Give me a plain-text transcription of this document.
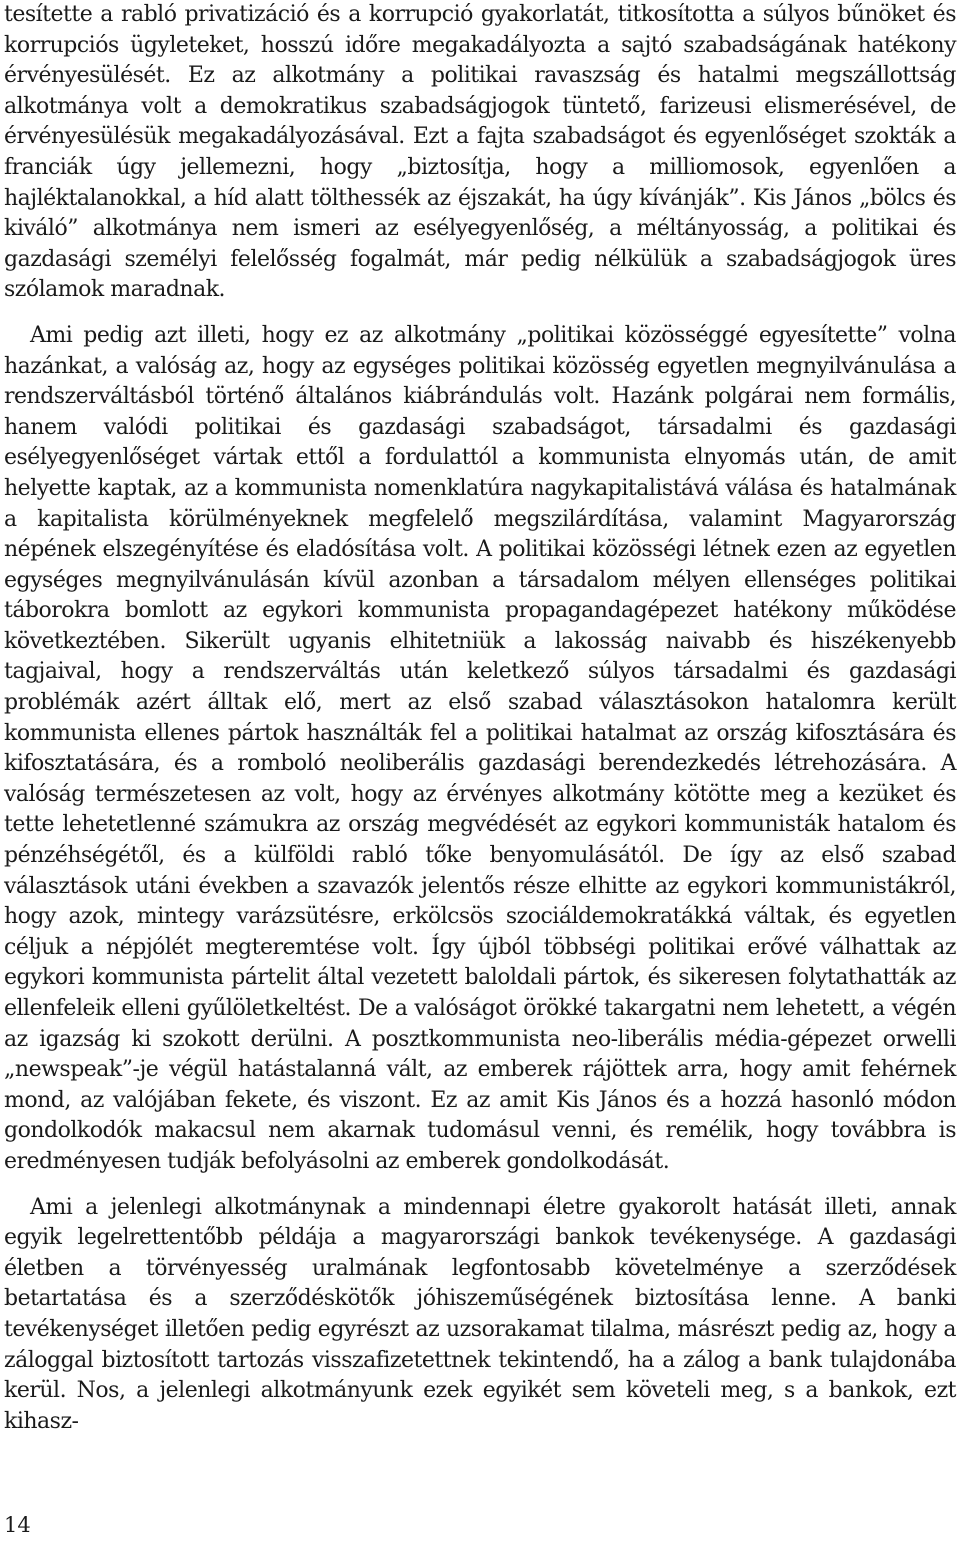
tesítette a rabló privatizáció és a korrupció gyakorlatát, titkosította a súlyos bűnöket és korrupciós ügyleteket, hosszú időre megakadályozta a sajtó szabadságának hatékony érvényesülését. Ez az alkotmány a politikai ravaszság és hatalmi megszállottság alkotmánya volt a demokratikus szabadságjogok tüntető, farizeusi elismerésével, de érvényesülésük megakadályozásával. Ezt a fajta szabadságot és egyenlőséget szokták a franciák úgy jellemezni, hogy „biztosítja, hogy a milliomosok, egyenlően a hajléktalanokkal, a híd alatt tölthessék az éjszakát, ha úgy kívánják”. Kis János „bölcs és kiváló” alkotmánya nem ismeri az esélyegyenlőség, a méltányosság, a politikai és gazdasági személyi felelősség fogalmát, már pedig nélkülük a szabadságjogok üres szólamok maradnak.

Ami pedig azt illeti, hogy ez az alkotmány „politikai közösséggé egyesítette” volna hazánkat, a valóság az, hogy az egységes politikai közösség egyetlen megnyilvánulása a rendszerváltásból történő általános kiábrándulás volt. Hazánk polgárai nem formális, hanem valódi politikai és gazdasági szabadságot, társadalmi és gazdasági esélyegyenlőséget vártak ettől a fordulattól a kommunista elnyomás után, de amit helyette kaptak, az a kommunista nomenklatúra nagykapitalistává válása és hatalmának a kapitalista körülményeknek megfelelő megszilárdítása, valamint Magyarország népének elszegényítése és eladósítása volt. A politikai közösségi létnek ezen az egyetlen egységes megnyilvánulásán kívül azonban a társadalom mélyen ellenséges politikai táborokra bomlott az egykori kommunista propagandagépezet hatékony működése következtében. Sikerült ugyanis elhitetniük a lakosság naivabb és hiszékenyebb tagjaival, hogy a rendszerváltás után keletkező súlyos társadalmi és gazdasági problémák azért álltak elő, mert az első szabad választásokon hatalomra került kommunista ellenes pártok használták fel a politikai hatalmat az ország kifosztására és kifosztatására, és a romboló neoliberális gazdasági berendezkedés létrehozására. A valóság természetesen az volt, hogy az érvényes alkotmány kötötte meg a kezüket és tette lehetetlenné számukra az ország megvédését az egykori kommunisták hatalom és pénzéhségétől, és a külföldi rabló tőke benyomulásától. De így az első szabad választások utáni években a szavazók jelentős része elhitte az egykori kommunistákról, hogy azok, mintegy varázsütésre, erkölcsös szociáldemokratákká váltak, és egyetlen céljuk a népjólét megteremtése volt. Így újból többségi politikai erővé válhattak az egykori kommunista pártelit által vezetett baloldali pártok, és sikeresen folytathatták az ellenfeleik elleni gyűlöletkeltést. De a valóságot örökké takargatni nem lehetett, a végén az igazság ki szokott derülni. A posztkommunista neo-liberális média-gépezet orwelli „newspeak”-je végül hatástalanná vált, az emberek rájöttek arra, hogy amit fehérnek mond, az valójában fekete, és viszont. Ez az amit Kis János és a hozzá hasonló módon gondolkodók makacsul nem akarnak tudomásul venni, és remélik, hogy továbbra is eredményesen tudják befolyásolni az emberek gondolkodását.

Ami a jelenlegi alkotmánynak a mindennapi életre gyakorolt hatását illeti, annak egyik legelrettentőbb példája a magyarországi bankok tevékenysége. A gazdasági életben a törvényesség uralmának legfontosabb követelménye a szerződések betartatása és a szerződéskötők jóhiszeműségének biztosítása lenne. A banki tevékenységet illetően pedig egyrészt az uzsorakamat tilalma, másrészt pedig az, hogy a záloggal biztosított tartozás visszafizetettnek tekintendő, ha a zálog a bank tulajdonába kerül. Nos, a jelenlegi alkotmányunk ezek egyikét sem követeli meg, s a bankok, ezt kihasz-

14
